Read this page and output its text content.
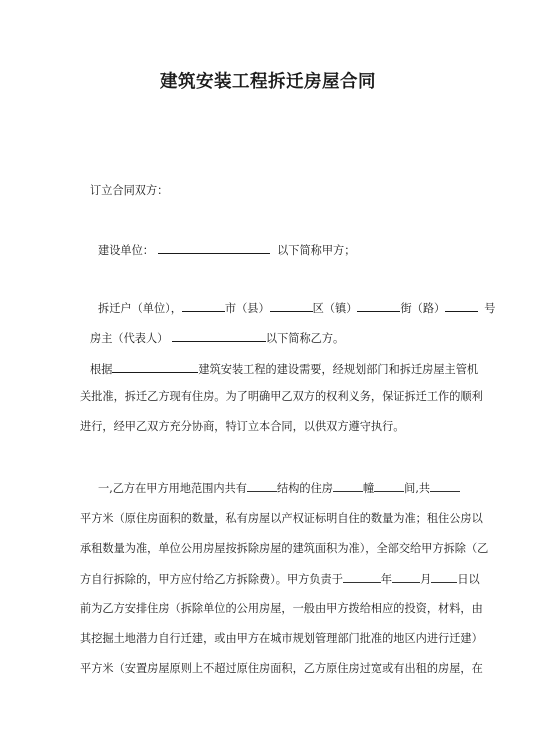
建筑安装工程拆迁房屋合同
订立合同双方：
建设单位：	以下简称甲方；
拆迁户（单位），	市（县）	区（镇）	街（路）	号
房主（代表人）	以下简称乙方。
根据	建筑安装工程的建设需要，经规划部门和拆迁房屋主管机
关批准，拆迁乙方现有住房。为了明确甲乙双方的权利义务，保证拆迁工作的顺利
进行，经甲乙双方充分协商，特订立本合同，以供双方遵守执行。
一,乙方在甲方用地范围内共有	结构的住房	幢	间,共
平方米（原住房面积的数量，私有房屋以产权证标明自住的数量为准；租住公房以
承租数量为准，单位公用房屋按拆除房屋的建筑面积为准），全部交给甲方拆除（乙
方自行拆除的，甲方应付给乙方拆除费）。甲方负责于	年	月 日以
前为乙方安排住房（拆除单位的公用房屋，一般由甲方拨给相应的投资，材料，由
其挖掘土地潜力自行迁建，或由甲方在城市规划管理部门批准的地区内进行迁建）
平方米（安置房屋原则上不超过原住房面积，乙方原住房过宽或有出租的房屋，在
